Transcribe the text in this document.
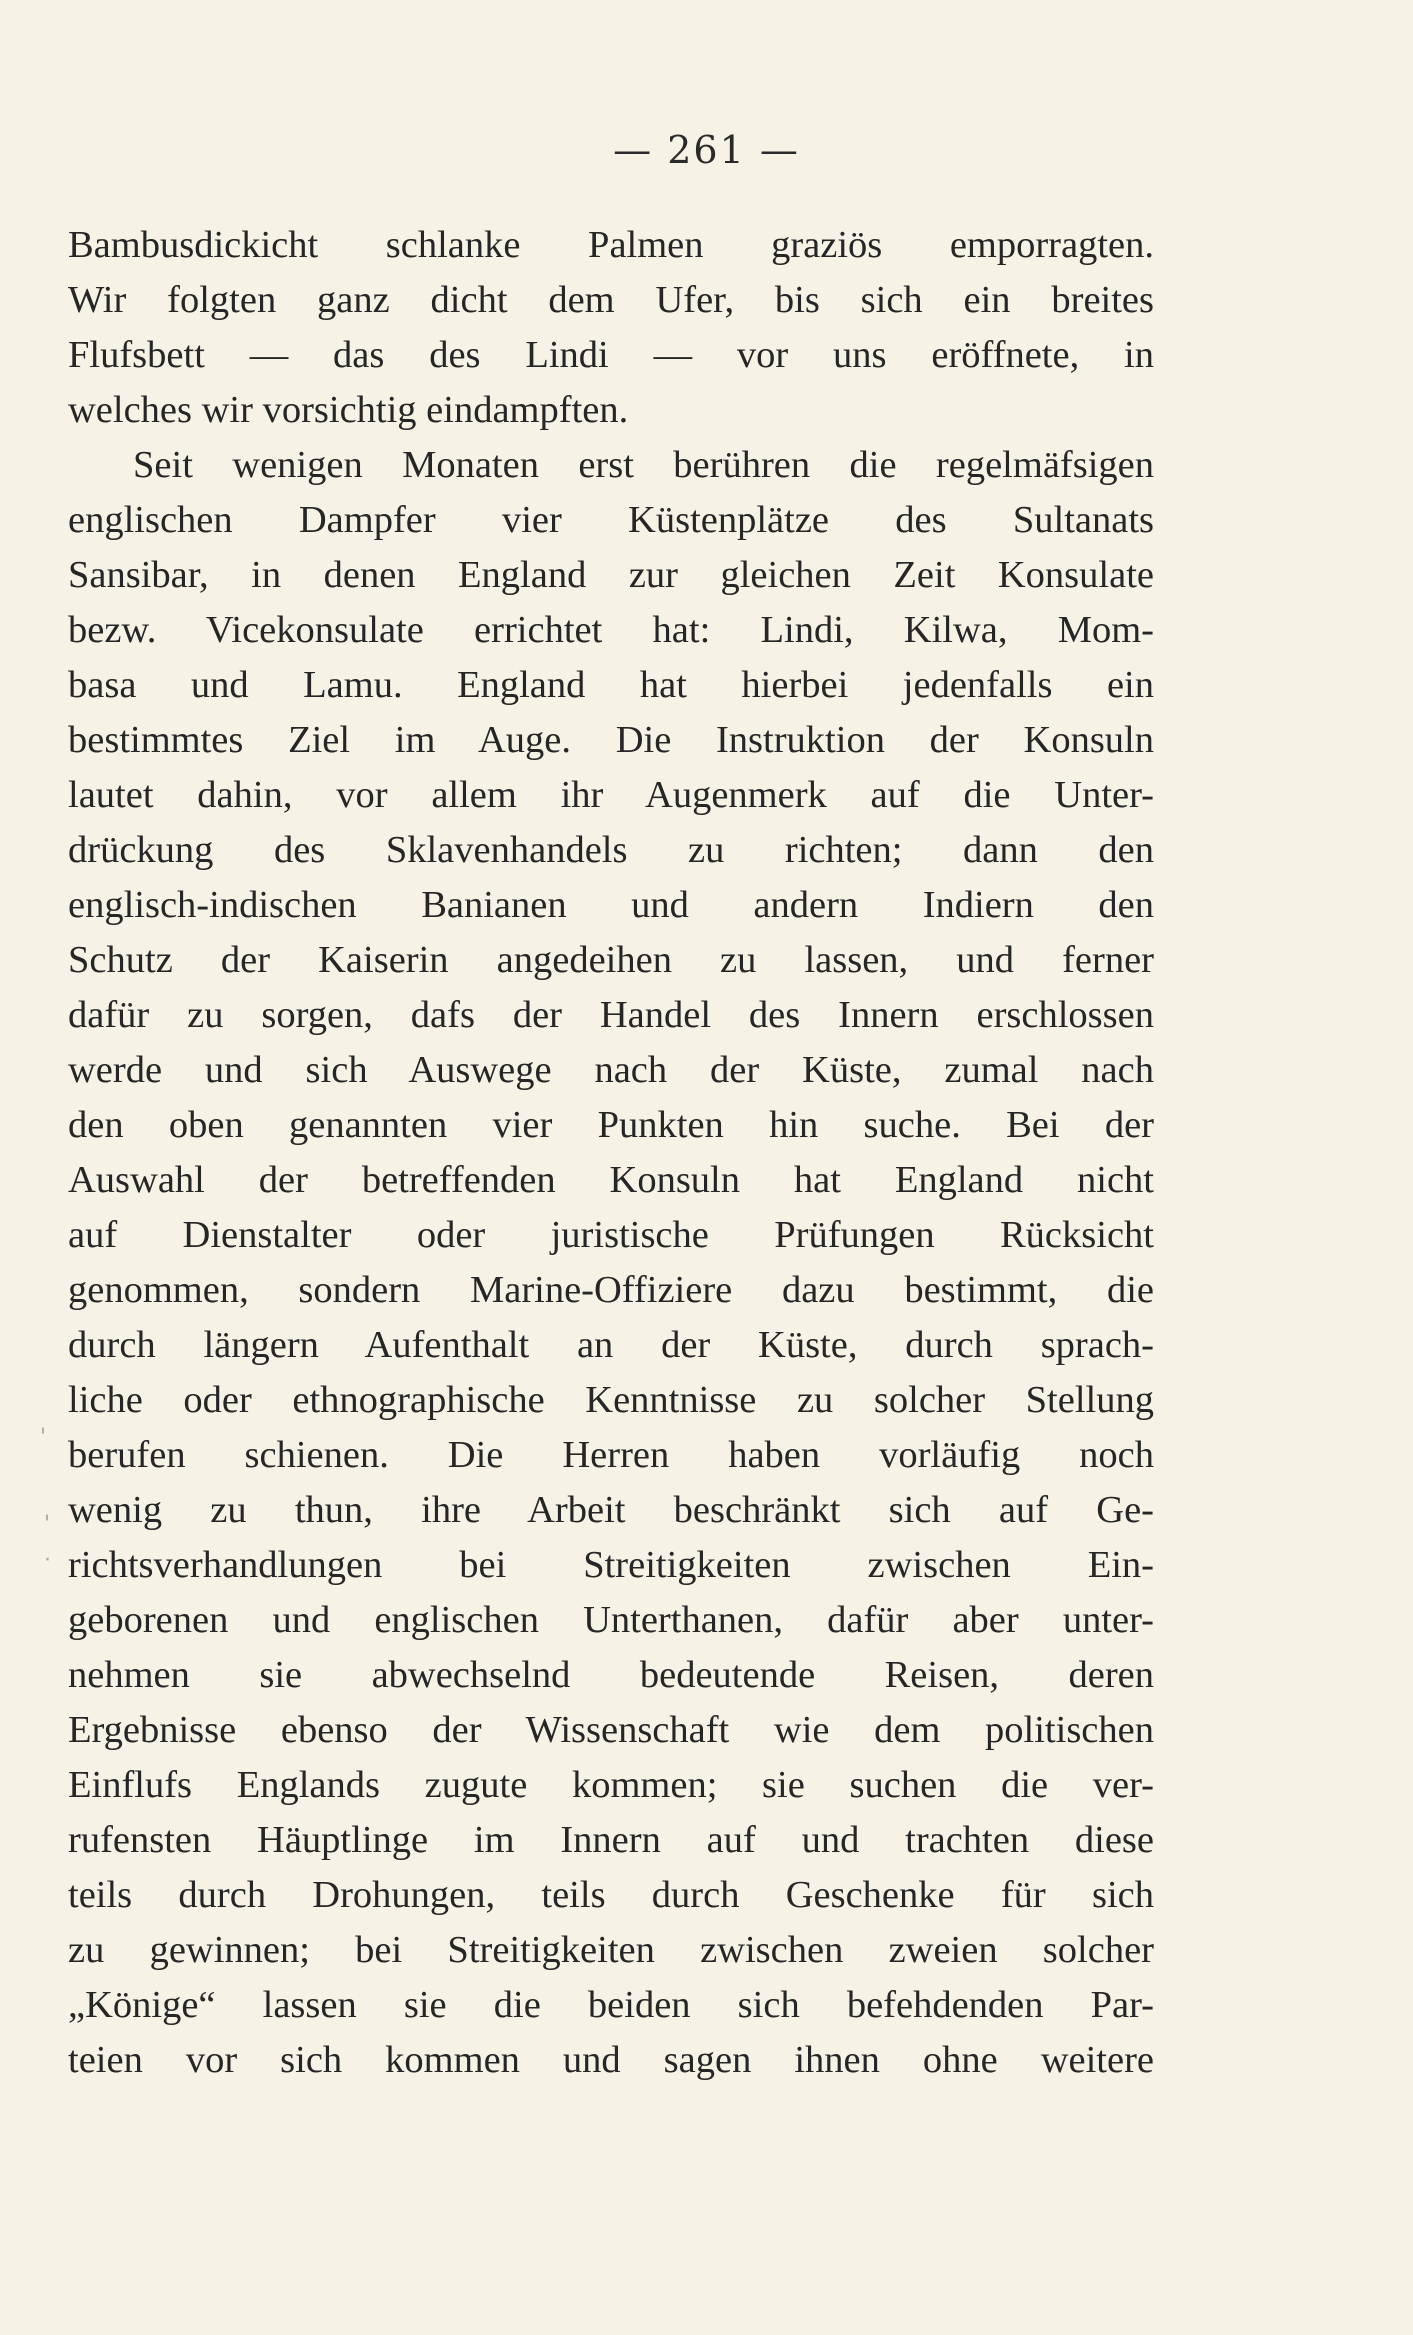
— 261 —
Bambusdickicht schlanke Palmen graziös emporragten.
Wir folgten ganz dicht dem Ufer, bis sich ein breites
Flufsbett — das des Lindi — vor uns eröffnete, in
welches wir vorsichtig eindampften.
Seit wenigen Monaten erst berühren die regelmäfsigen
englischen Dampfer vier Küstenplätze des Sultanats
Sansibar, in denen England zur gleichen Zeit Konsulate
bezw. Vicekonsulate errichtet hat: Lindi, Kilwa, Mom-
basa und Lamu. England hat hierbei jedenfalls ein
bestimmtes Ziel im Auge. Die Instruktion der Konsuln
lautet dahin, vor allem ihr Augenmerk auf die Unter-
drückung des Sklavenhandels zu richten; dann den
englisch-indischen Banianen und andern Indiern den
Schutz der Kaiserin angedeihen zu lassen, und ferner
dafür zu sorgen, dafs der Handel des Innern erschlossen
werde und sich Auswege nach der Küste, zumal nach
den oben genannten vier Punkten hin suche. Bei der
Auswahl der betreffenden Konsuln hat England nicht
auf Dienstalter oder juristische Prüfungen Rücksicht
genommen, sondern Marine-Offiziere dazu bestimmt, die
durch längern Aufenthalt an der Küste, durch sprach-
liche oder ethnographische Kenntnisse zu solcher Stellung
berufen schienen. Die Herren haben vorläufig noch
wenig zu thun, ihre Arbeit beschränkt sich auf Ge-
richtsverhandlungen bei Streitigkeiten zwischen Ein-
geborenen und englischen Unterthanen, dafür aber unter-
nehmen sie abwechselnd bedeutende Reisen, deren
Ergebnisse ebenso der Wissenschaft wie dem politischen
Einflufs Englands zugute kommen; sie suchen die ver-
rufensten Häuptlinge im Innern auf und trachten diese
teils durch Drohungen, teils durch Geschenke für sich
zu gewinnen; bei Streitigkeiten zwischen zweien solcher
„Könige“ lassen sie die beiden sich befehdenden Par-
teien vor sich kommen und sagen ihnen ohne weitere
'
'
·
